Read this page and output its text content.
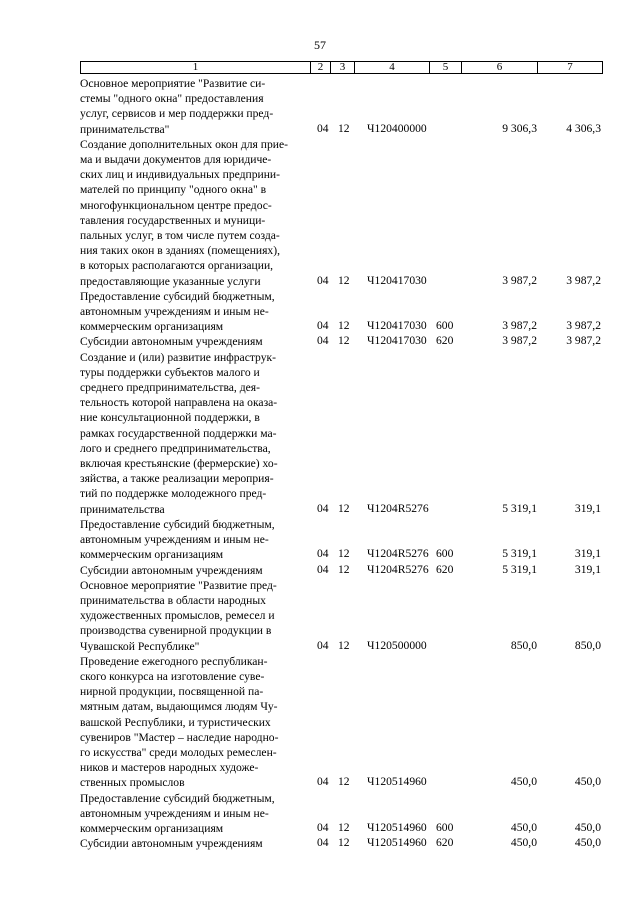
57
1	2	3	4	5	6	7
Основное мероприятие "Развитие си-
стемы "одного окна" предоставления
услуг, сервисов и мер поддержки пред-
принимательства"	04 12 Ч120400000	9 306,3	4 306,3
Создание дополнительных окон для прие-
ма и выдачи документов для юридиче-
ских лиц и индивидуальных предприни-
мателей по принципу "одного окна" в
многофункциональном центре предос-
тавления государственных и муници-
пальных услуг, в том числе путем созда-
ния таких окон в зданиях (помещениях),
в которых располагаются организации,
предоставляющие указанные услуги	04 12 Ч120417030	3 987,2	3 987,2
Предоставление субсидий бюджетным,
автономным учреждениям и иным не-
коммерческим организациям	04 12 Ч120417030 600	3 987,2	3 987,2
Субсидии автономным учреждениям	04 12 Ч120417030 620	3 987,2	3 987,2
Создание и (или) развитие инфраструк-
туры поддержки субъектов малого и
среднего предпринимательства, дея-
тельность которой направлена на оказа-
ние консультационной поддержки, в
рамках государственной поддержки ма-
лого и среднего предпринимательства,
включая крестьянские (фермерские) хо-
зяйства, а также реализации мероприя-
тий по поддержке молодежного пред-
принимательства	04 12 Ч1204R5276	5 319,1	319,1
Предоставление субсидий бюджетным,
автономным учреждениям и иным не-
коммерческим организациям	04 12 Ч1204R5276 600	5 319,1	319,1
Субсидии автономным учреждениям	04 12 Ч1204R5276 620	5 319,1	319,1
Основное мероприятие "Развитие пред-
принимательства в области народных
художественных промыслов, ремесел и
производства сувенирной продукции в
Чувашской Республике"	04 12 Ч120500000	850,0	850,0
Проведение ежегодного республикан-
ского конкурса на изготовление суве-
нирной продукции, посвященной па-
мятным датам, выдающимся людям Чу-
вашской Республики, и туристических
сувениров "Мастер – наследие народно-
го искусства" среди молодых ремеслен-
ников и мастеров народных художе-
ственных промыслов	04 12 Ч120514960	450,0	450,0
Предоставление субсидий бюджетным,
автономным учреждениям и иным не-
коммерческим организациям	04 12 Ч120514960 600	450,0	450,0
Субсидии автономным учреждениям	04 12 Ч120514960 620	450,0	450,0
